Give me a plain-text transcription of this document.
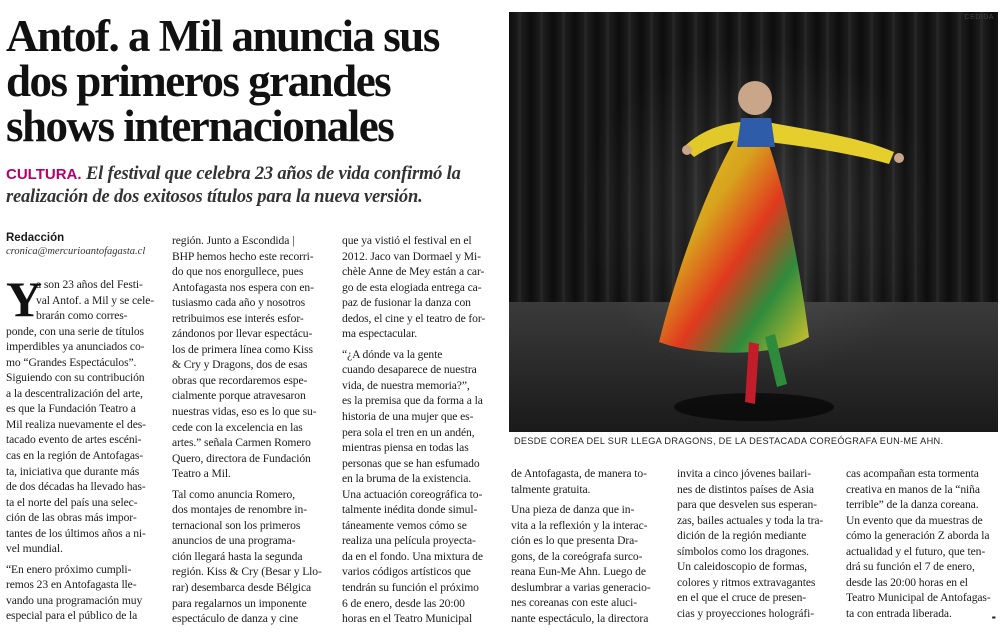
Antof. a Mil anuncia sus
dos primeros grandes
shows internacionales
CULTURA. El festival que celebra 23 años de vida confirmó la
realización de dos exitosos títulos para la nueva versión.
Redacción
cronica@mercurioantofagasta.cl
Y
a son 23 años del Festi-
val Antof. a Mil y se cele-
brarán como corres-
ponde, con una serie de títulos
imperdibles ya anunciados co-
mo “Grandes Espectáculos”.
Siguiendo con su contribución
a la descentralización del arte,
es que la Fundación Teatro a
Mil realiza nuevamente el des-
tacado evento de artes escéni-
cas en la región de Antofagas-
ta, iniciativa que durante más
de dos décadas ha llevado has-
ta el norte del país una selec-
ción de las obras más impor-
tantes de los últimos años a ni-
vel mundial.
“En enero próximo cumpli-
remos 23 en Antofagasta lle-
vando una programación muy
especial para el público de la
región. Junto a Escondida |
BHP hemos hecho este recorri-
do que nos enorgullece, pues
Antofagasta nos espera con en-
tusiasmo cada año y nosotros
retribuimos ese interés esfor-
zándonos por llevar espectácu-
los de primera línea como Kiss
& Cry y Dragons, dos de esas
obras que recordaremos espe-
cialmente porque atravesaron
nuestras vidas, eso es lo que su-
cede con la excelencia en las
artes.” señala Carmen Romero
Quero, directora de Fundación
Teatro a Mil.
Tal como anuncia Romero,
dos montajes de renombre in-
ternacional son los primeros
anuncios de una programa-
ción llegará hasta la segunda
región. Kiss & Cry (Besar y Llo-
rar) desembarca desde Bélgica
para regalarnos un imponente
espectáculo de danza y cine
que ya vistió el festival en el
2012. Jaco van Dormael y Mi-
chèle Anne de Mey están a car-
go de esta elogiada entrega ca-
paz de fusionar la danza con
dedos, el cine y el teatro de for-
ma espectacular.
“¿A dónde va la gente
cuando desaparece de nuestra
vida, de nuestra memoria?”,
es la premisa que da forma a la
historia de una mujer que es-
pera sola el tren en un andén,
mientras piensa en todas las
personas que se han esfumado
en la bruma de la existencia.
Una actuación coreográfica to-
talmente inédita donde simul-
táneamente vemos cómo se
realiza una película proyecta-
da en el fondo. Una mixtura de
varios códigos artísticos que
tendrán su función el próximo
6 de enero, desde las 20:00
horas en el Teatro Municipal
de Antofagasta, de manera to-
talmente gratuita.
Una pieza de danza que in-
vita a la reflexión y la interac-
ción es lo que presenta Dra-
gons, de la coreógrafa surco-
reana Eun-Me Ahn. Luego de
deslumbrar a varias generacio-
nes coreanas con este aluci-
nante espectáculo, la directora
invita a cinco jóvenes bailari-
nes de distintos países de Asia
para que desvelen sus esperan-
zas, bailes actuales y toda la tra-
dición de la región mediante
símbolos como los dragones.
Un caleidoscopio de formas,
colores y ritmos extravagantes
en el que el cruce de presen-
cias y proyecciones holográfi-
cas acompañan esta tormenta
creativa en manos de la “niña
terrible” de la danza coreana.
Un evento que da muestras de
cómo la generación Z aborda la
actualidad y el futuro, que ten-
drá su función el 7 de enero,
desde las 20:00 horas en el
Teatro Municipal de Antofagas-
ta con entrada liberada.
CEDIDA
DESDE COREA DEL SUR LLEGA DRAGONS, DE LA DESTACADA COREÓGRAFA EUN-ME AHN.
ᙾ
